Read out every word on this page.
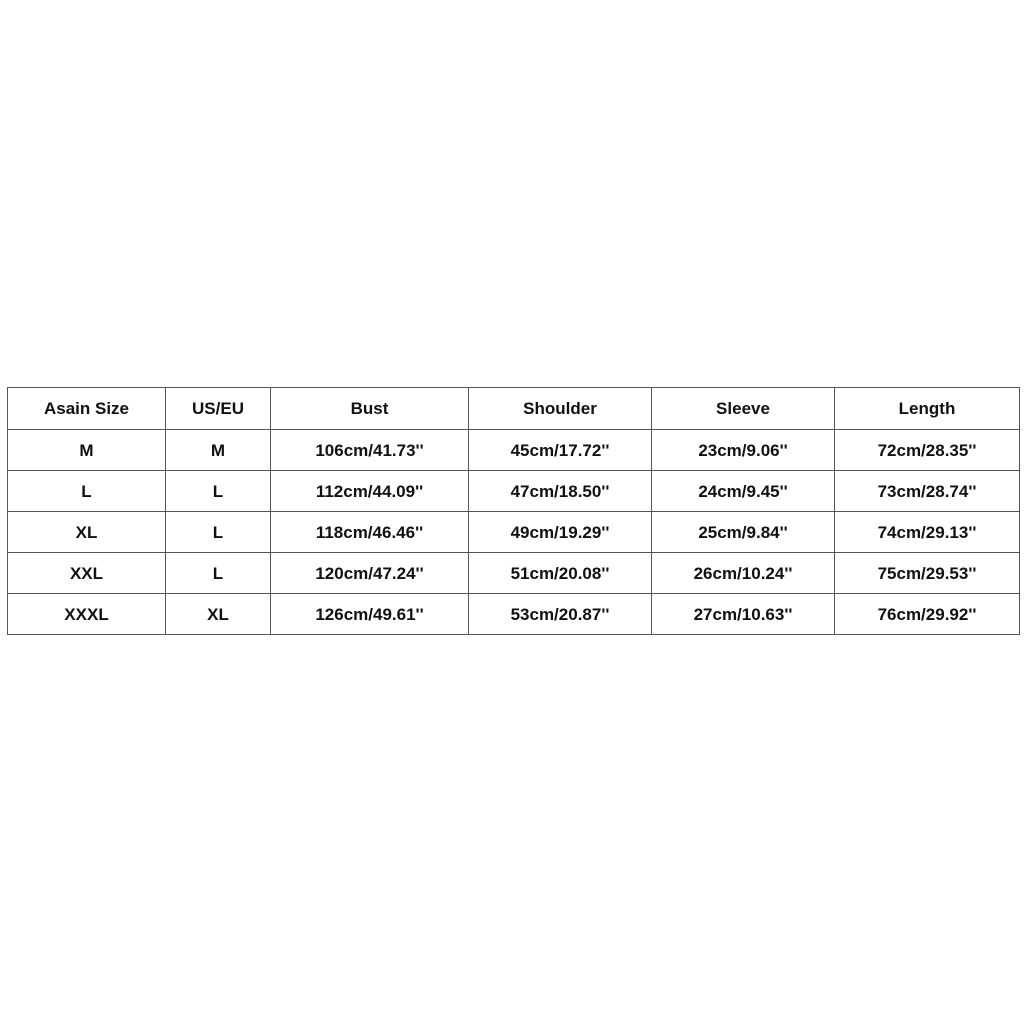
Asain Size	US/EU	Bust	Shoulder	Sleeve	Length
M	M	106cm/41.73''	45cm/17.72''	23cm/9.06''	72cm/28.35''
L	L	112cm/44.09''	47cm/18.50''	24cm/9.45''	73cm/28.74''
XL	L	118cm/46.46''	49cm/19.29''	25cm/9.84''	74cm/29.13''
XXL	L	120cm/47.24''	51cm/20.08''	26cm/10.24''	75cm/29.53''
XXXL	XL	126cm/49.61''	53cm/20.87''	27cm/10.63''	76cm/29.92''
